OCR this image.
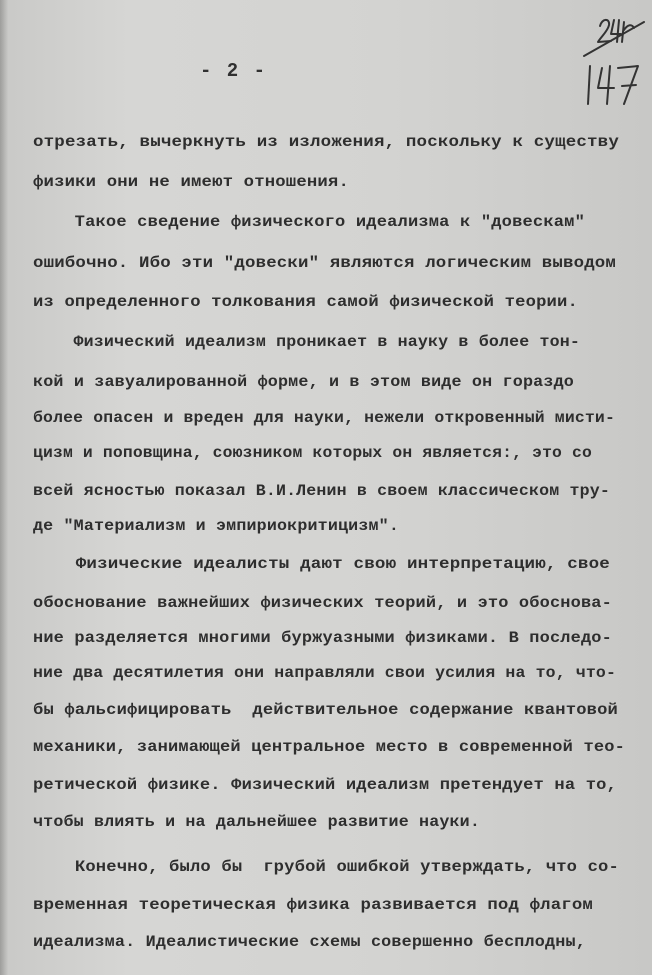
- 2 -
отрезать, вычеркнуть из изложения, поскольку к существу
физики они не имеют отношения.
Такое сведение физического идеализма к "довескам"
ошибочно. Ибо эти "довески" являются логическим выводом
из определенного толкования самой физической теории.
Физический идеализм проникает в науку в более тон-
кой и завуалированной форме, и в этом виде он гораздо
более опасен и вреден для науки, нежели откровенный мисти-
цизм и поповщина, союзником которых он является:, это со
всей ясностью показал В.И.Ленин в своем классическом тру-
де "Материализм и эмпириокритицизм".
Физические идеалисты дают свою интерпретацию, свое
обоснование важнейших физических теорий, и это обоснова-
ние разделяется многими буржуазными физиками. В последо-
ние два десятилетия они направляли свои усилия на то, что-
бы фальсифицировать  действительное содержание квантовой
механики, занимающей центральное место в современной тео-
ретической физике. Физический идеализм претендует на то,
чтобы влиять и на дальнейшее развитие науки.
Конечно, было бы  грубой ошибкой утверждать, что со-
временная теоретическая физика развивается под флагом
идеализма. Идеалистические схемы совершенно бесплодны,
